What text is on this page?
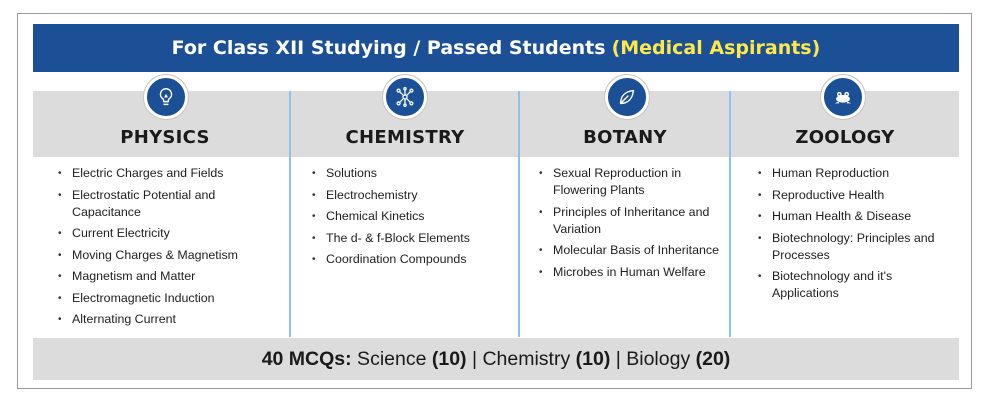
For Class XII Studying / Passed Students (Medical Aspirants)
PHYSICS
• Electric Charges and Fields
• Electrostatic Potential and Capacitance
• Current Electricity
• Moving Charges & Magnetism
• Magnetism and Matter
• Electromagnetic Induction
• Alternating Current
CHEMISTRY
• Solutions
• Electrochemistry
• Chemical Kinetics
• The d- & f-Block Elements
• Coordination Compounds
BOTANY
• Sexual Reproduction in Flowering Plants
• Principles of Inheritance and Variation
• Molecular Basis of Inheritance
• Microbes in Human Welfare
ZOOLOGY
• Human Reproduction
• Reproductive Health
• Human Health & Disease
• Biotechnology: Principles and Processes
• Biotechnology and it's Applications
40 MCQs: Science (10) | Chemistry (10) | Biology (20)
